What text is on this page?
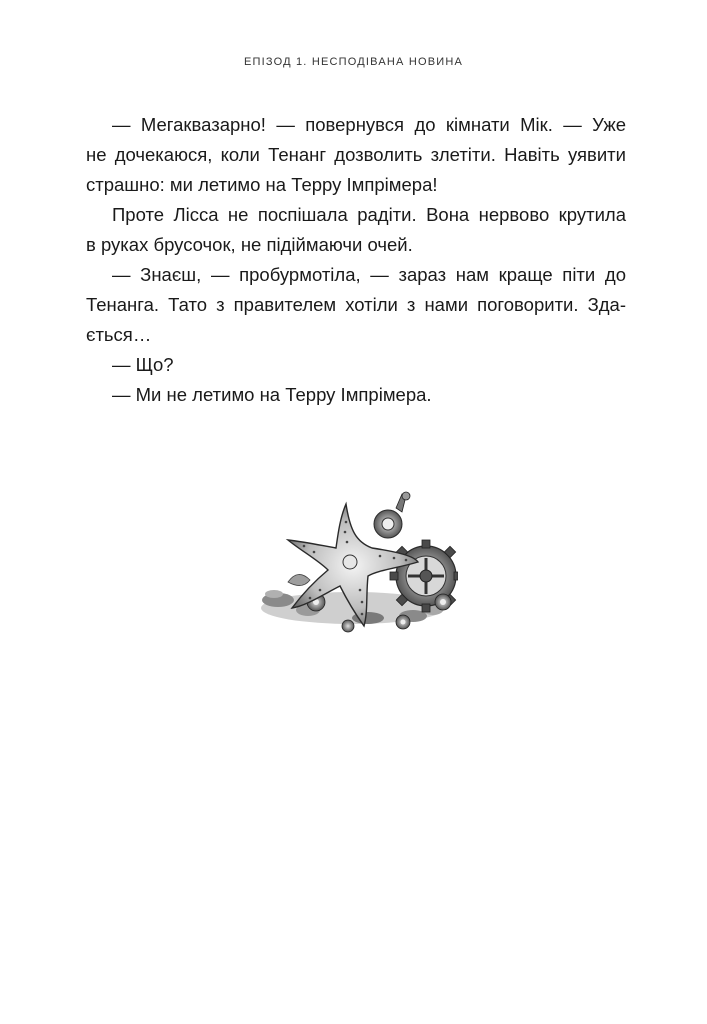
ЕПІЗОД 1. НЕСПОДІВАНА НОВИНА
— Мегаквазарно! — повернувся до кімнати Мік. — Уже
не дочекаюся, коли Тенанг дозволить злетіти. Навіть уявити
страшно: ми летимо на Терру Імпрімера!
Проте Лісса не поспішала радіти. Вона нервово крутила
в руках брусочок, не підіймаючи очей.
— Знаєш, — пробурмотіла, — зараз нам краще піти до
Тенанга. Тато з правителем хотіли з нами поговорити. Зда-
ється…
— Що?
— Ми не летимо на Терру Імпрімера.
